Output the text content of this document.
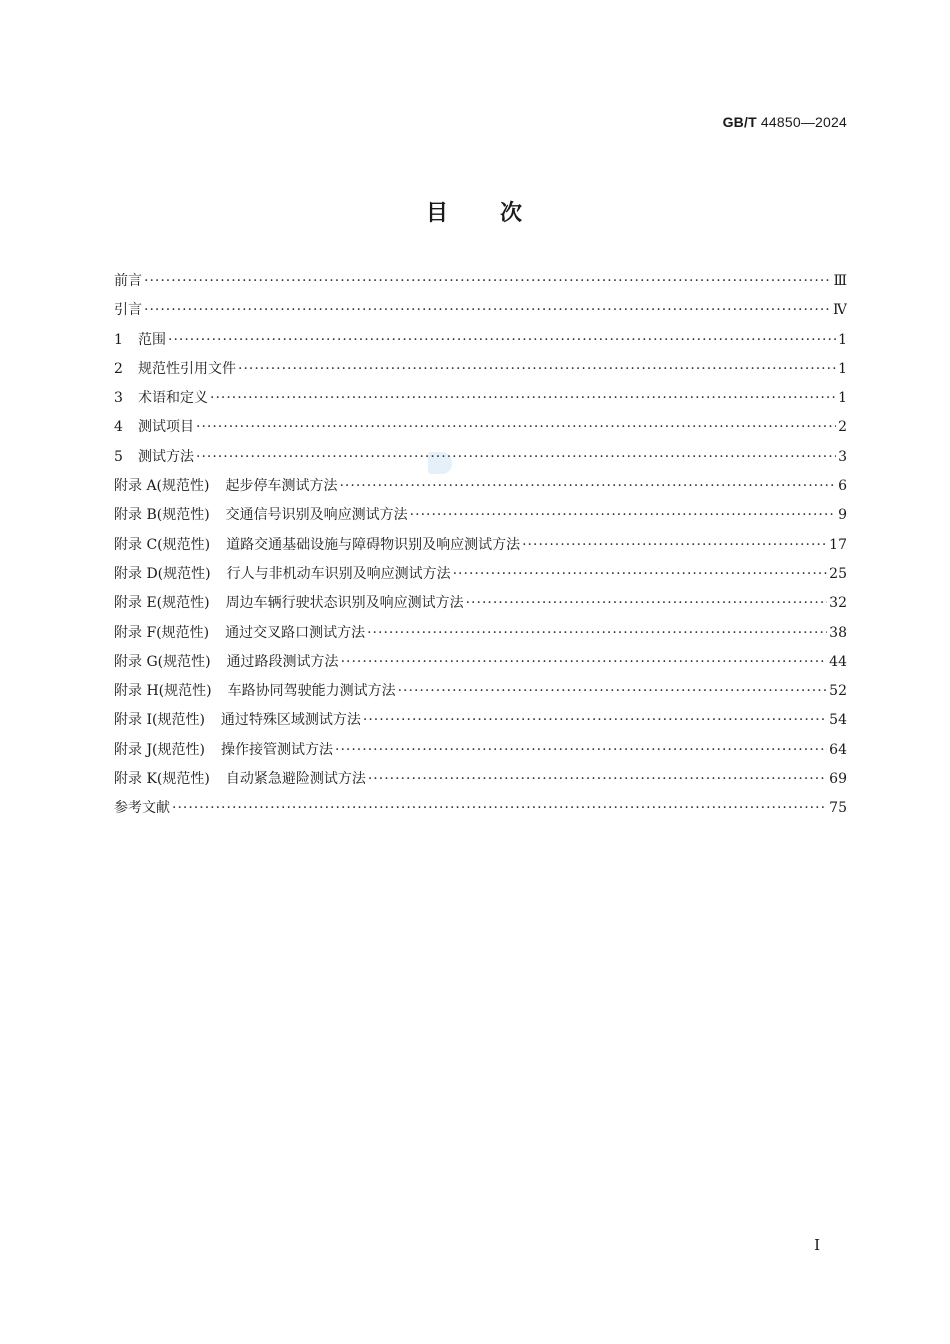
GB/T 44850—2024
目 次
前言 ·····	Ⅲ
引言 ·····	Ⅳ
1	范围 ·····	1
2	规范性引用文件 ·····	1
3	术语和定义 ·····	1
4	测试项目 ·····	2
5	测试方法 ·····	3
附录 A(规范性)	起步停车测试方法 ·····	6
附录 B(规范性)	交通信号识别及响应测试方法 ·····	9
附录 C(规范性)	道路交通基础设施与障碍物识别及响应测试方法 ·····	17
附录 D(规范性)	行人与非机动车识别及响应测试方法 ·····	25
附录 E(规范性)	周边车辆行驶状态识别及响应测试方法 ·····	32
附录 F(规范性)	通过交叉路口测试方法 ·····	38
附录 G(规范性)	通过路段测试方法 ·····	44
附录 H(规范性)	车路协同驾驶能力测试方法 ·····	52
附录 I(规范性)	通过特殊区域测试方法 ·····	54
附录 J(规范性)	操作接管测试方法 ·····	64
附录 K(规范性)	自动紧急避险测试方法 ·····	69
参考文献 ·····	75
Ⅰ
